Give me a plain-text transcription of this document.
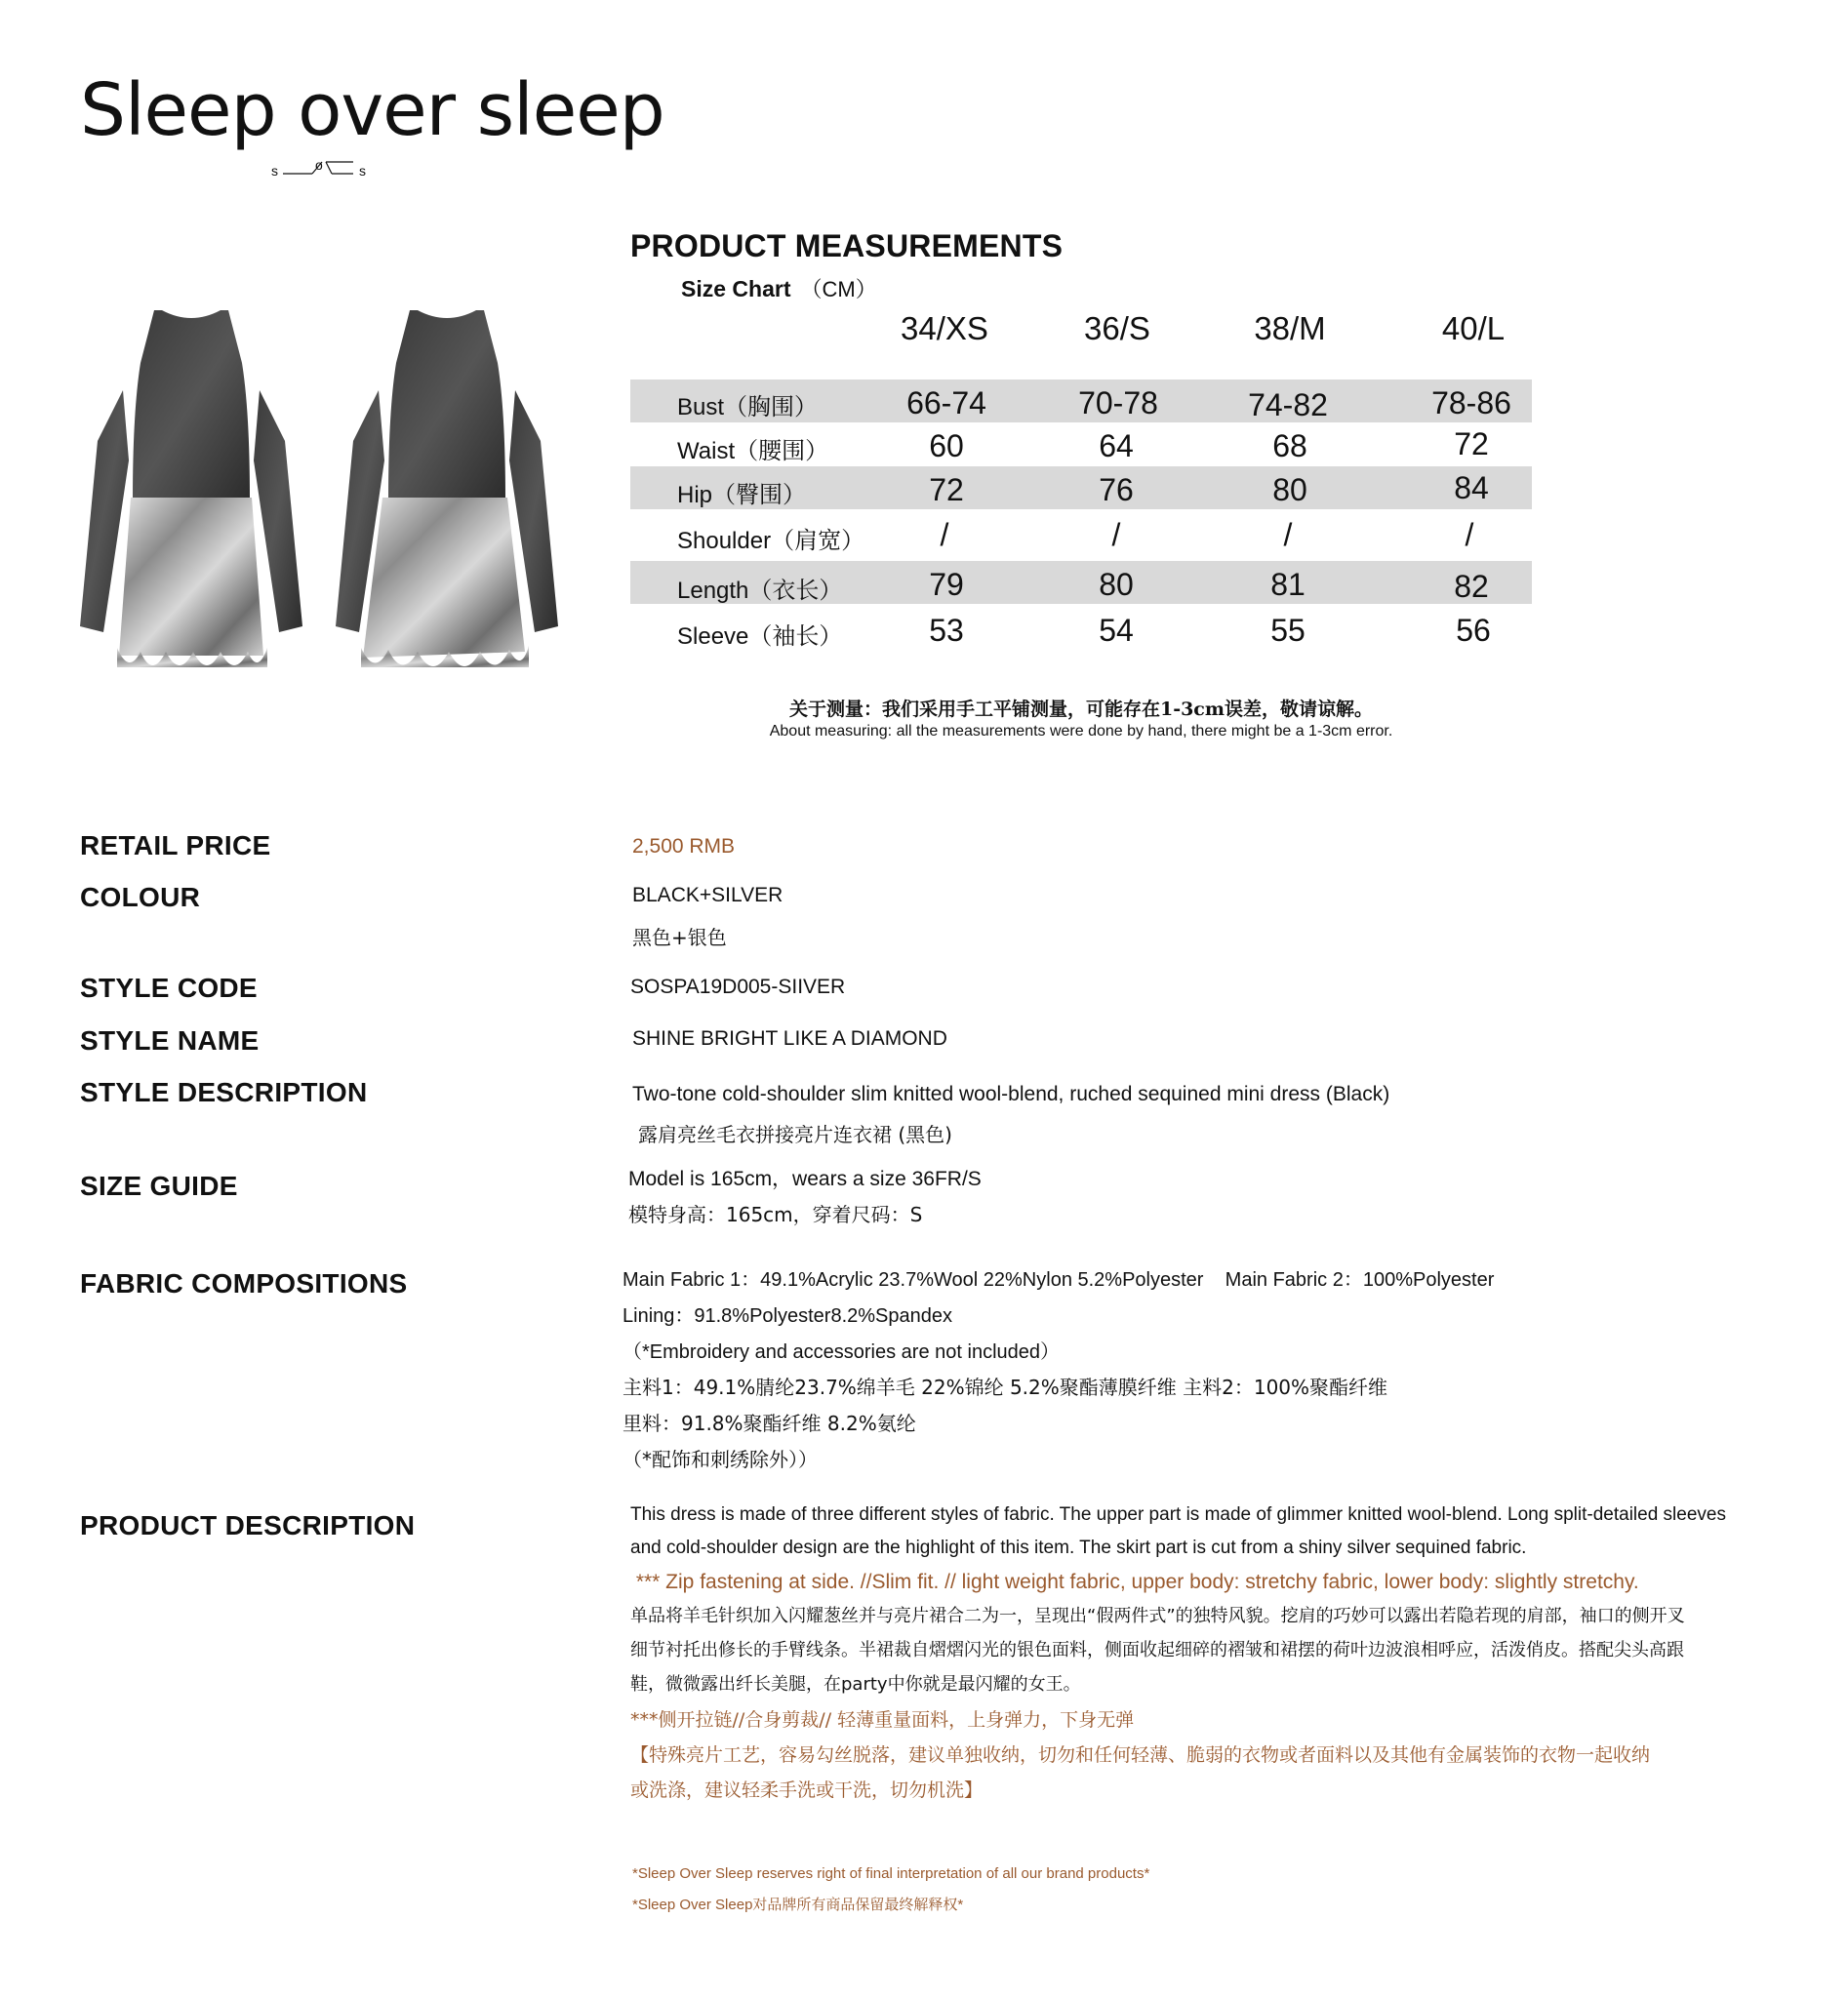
Sleep over sleep
s	o	s
PRODUCT MEASUREMENTS
Size Chart （CM）
34/XS	36/S	38/M	40/L
Bust（胸围）	66-74	70-78	74-82	78-86
Waist（腰围）	60	64	68	72
Hip（臀围）	72	76	80	84
Shoulder（肩宽）	/	/	/	/
Length（衣长）	79	80	81	82
Sleeve（袖长）	53	54	55	56
关于测量：我们采用手工平铺测量，可能存在1-3cm误差，敬请谅解。
About measuring: all the measurements were done by hand, there might be a 1-3cm error.
RETAIL PRICE	2,500 RMB
COLOUR	BLACK+SILVER
黑色+银色
STYLE CODE	SOSPA19D005-SIIVER
STYLE NAME	SHINE BRIGHT LIKE A DIAMOND
STYLE DESCRIPTION	Two-tone cold-shoulder slim knitted wool-blend, ruched sequined mini dress (Black)
露肩亮丝毛衣拼接亮片连衣裙 (黑色)
SIZE GUIDE	Model is 165cm，wears a size 36FR/S
模特身高：165cm，穿着尺码：S
FABRIC COMPOSITIONS	Main Fabric 1：49.1%Acrylic 23.7%Wool 22%Nylon 5.2%Polyester    Main Fabric 2：100%Polyester
Lining：91.8%Polyester8.2%Spandex
（*Embroidery and accessories are not included）
主料1：49.1%腈纶23.7%绵羊毛 22%锦纶 5.2%聚酯薄膜纤维 主料2：100%聚酯纤维
里料：91.8%聚酯纤维 8.2%氨纶
（*配饰和刺绣除外））
PRODUCT DESCRIPTION	This dress is made of three different styles of fabric. The upper part is made of glimmer knitted wool-blend. Long split-detailed sleeves
and cold-shoulder design are the highlight of this item. The skirt part is cut from a shiny silver sequined fabric.
*** Zip fastening at side. //Slim fit. // light weight fabric, upper body: stretchy fabric, lower body: slightly stretchy.
单品将羊毛针织加入闪耀葱丝并与亮片裙合二为一，呈现出“假两件式”的独特风貌。挖肩的巧妙可以露出若隐若现的肩部，袖口的侧开叉
细节衬托出修长的手臂线条。半裙裁自熠熠闪光的银色面料，侧面收起细碎的褶皱和裙摆的荷叶边波浪相呼应，活泼俏皮。搭配尖头高跟
鞋，微微露出纤长美腿，在party中你就是最闪耀的女王。
***侧开拉链//合身剪裁// 轻薄重量面料，上身弹力，下身无弹
【特殊亮片工艺，容易勾丝脱落，建议单独收纳，切勿和任何轻薄、脆弱的衣物或者面料以及其他有金属装饰的衣物一起收纳
或洗涤，建议轻柔手洗或干洗，切勿机洗】
*Sleep Over Sleep reserves right of final interpretation of all our brand products*
*Sleep Over Sleep对品牌所有商品保留最终解释权*
